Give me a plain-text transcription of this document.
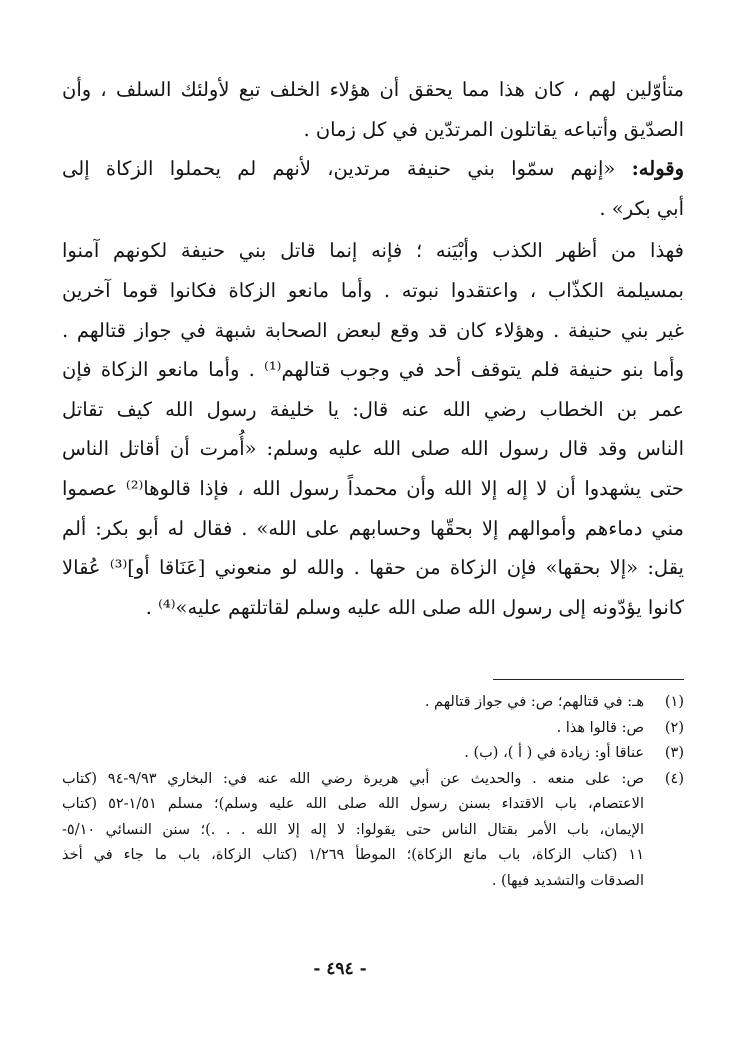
متأوّلين لهم ، كان هذا مما يحقق أن هؤلاء الخلف تبع لأولئك السلف ، وأن
الصدّيق وأتباعه يقاتلون المرتدّين في كل زمان .
وقوله: «إنهم سمّوا بني حنيفة مرتدين، لأنهم لم يحملوا الزكاة إلى
أبي بكر» .
فهذا من أظهر الكذب وأبْيَنه ؛ فإنه إنما قاتل بني حنيفة لكونهم آمنوا
بمسيلمة الكذّاب ، واعتقدوا نبوته . وأما مانعو الزكاة فكانوا قوما آخرين
غير بني حنيفة . وهؤلاء كان قد وقع لبعض الصحابة شبهة في جواز قتالهم .
وأما بنو حنيفة فلم يتوقف أحد في وجوب قتالهم⁽¹⁾ . وأما مانعو الزكاة فإن
عمر بن الخطاب رضي الله عنه قال: يا خليفة رسول الله كيف تقاتل
الناس وقد قال رسول الله صلى الله عليه وسلم: «أُمرت أن أقاتل الناس
حتى يشهدوا أن لا إله إلا الله وأن محمداً رسول الله ، فإذا قالوها⁽²⁾ عصموا
مني دماءهم وأموالهم إلا بحقّها وحسابهم على الله» . فقال له أبو بكر: ألم
يقل: «إلا بحقها» فإن الزكاة من حقها . والله لو منعوني [عَنَاقا أو]⁽³⁾ عُقالا
كانوا يؤدّونه إلى رسول الله صلى الله عليه وسلم لقاتلتهم عليه»⁽⁴⁾ .
(١)
هـ: في قتالهم؛ ص: في جواز قتالهم .
(٢)
ص: قالوا هذا .
(٣)
عناقا أو: زيادة في ( أ )، (ب) .
(٤)
ص: على منعه . والحديث عن أبي هريرة رضي الله عنه في: البخاري ٩/٩٣-٩٤ (كتاب
الاعتصام، باب الاقتداء بسنن رسول الله صلى الله عليه وسلم)؛ مسلم ١/٥١-٥٢ (كتاب
الإيمان، باب الأمر بقتال الناس حتى يقولوا: لا إله إلا الله . . .)؛ سنن النسائي ٥/١٠-
١١ (كتاب الزكاة، باب مانع الزكاة)؛ الموطأ ١/٢٦٩ (كتاب الزكاة، باب ما جاء في أخذ
الصدقات والتشديد فيها) .
- ٤٩٤ -
